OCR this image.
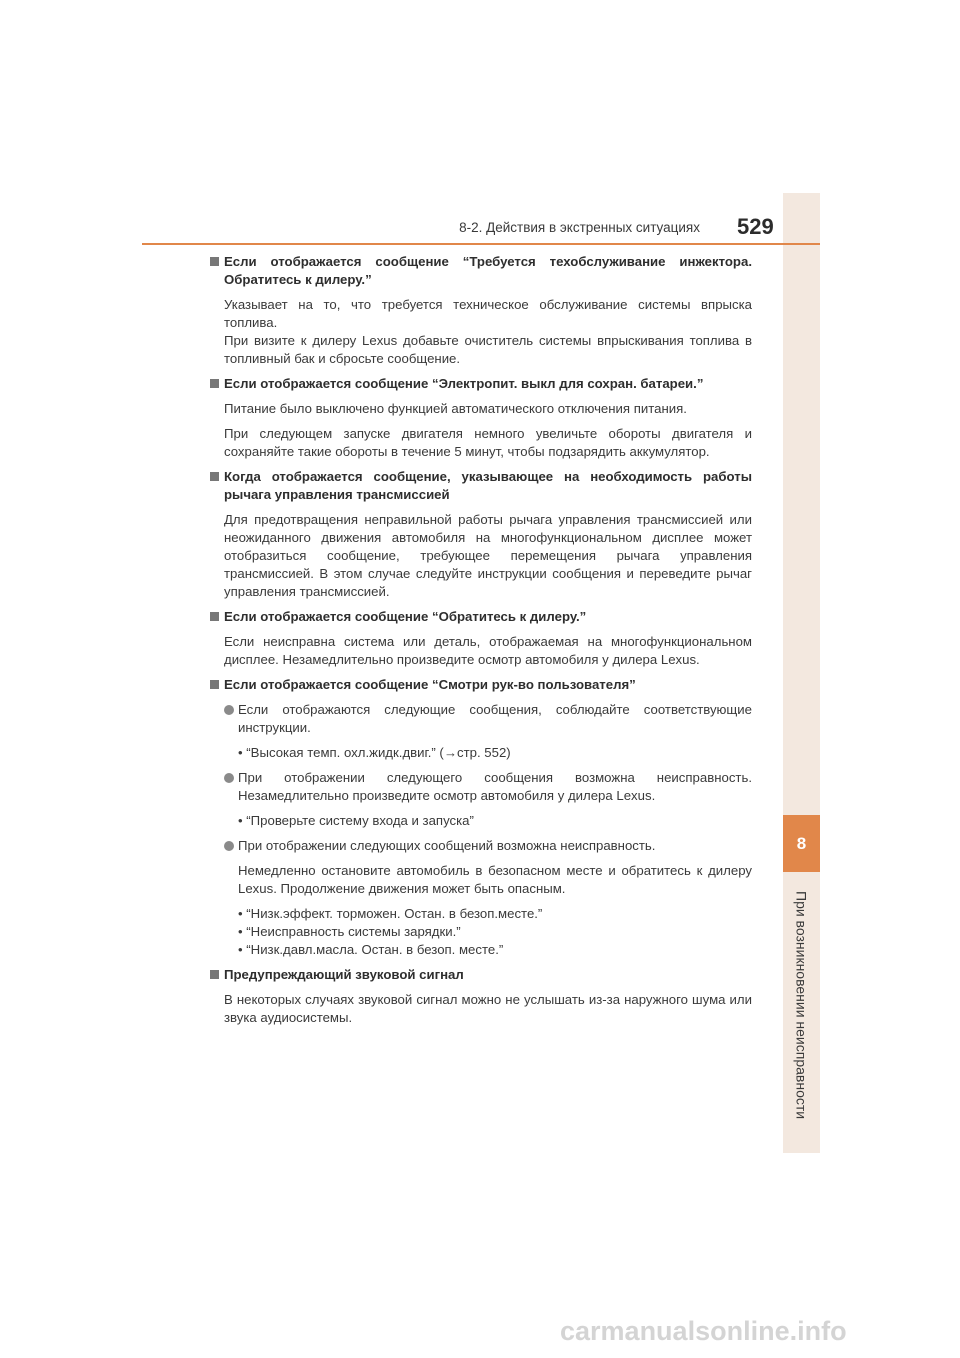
8
При возникновении неисправности
8-2. Действия в экстренных ситуациях 529
Если отображается сообщение “Требуется техобслуживание инжектора. Обратитесь к дилеру.”
Указывает на то, что требуется техническое обслуживание системы впрыска топлива.
При визите к дилеру Lexus добавьте очиститель системы впрыскивания топлива в топливный бак и сбросьте сообщение.
Если отображается сообщение “Электропит. выкл для сохран. батареи.”
Питание было выключено функцией автоматического отключения питания.
При следующем запуске двигателя немного увеличьте обороты двигателя и сохраняйте такие обороты в течение 5 минут, чтобы подзарядить аккумулятор.
Когда отображается сообщение, указывающее на необходимость работы рычага управления трансмиссией
Для предотвращения неправильной работы рычага управления трансмиссией или неожиданного движения автомобиля на многофункциональном дисплее может отобразиться сообщение, требующее перемещения рычага управления трансмиссией. В этом случае следуйте инструкции сообщения и переведите рычаг управления трансмиссией.
Если отображается сообщение “Обратитесь к дилеру.”
Если неисправна система или деталь, отображаемая на многофункциональном дисплее. Незамедлительно произведите осмотр автомобиля у дилера Lexus.
Если отображается сообщение “Смотри рук-во пользователя”
Если отображаются следующие сообщения, соблюдайте соответствующие инструкции.
• “Высокая темп. охл.жидк.двиг.” (→стр. 552)
При отображении следующего сообщения возможна неисправность. Незамедлительно произведите осмотр автомобиля у дилера Lexus.
• “Проверьте систему входа и запуска”
При отображении следующих сообщений возможна неисправность.
Немедленно остановите автомобиль в безопасном месте и обратитесь к дилеру Lexus. Продолжение движения может быть опасным.
• “Низк.эффект. торможен. Остан. в безоп.месте.”
• “Неисправность системы зарядки.”
• “Низк.давл.масла. Остан. в безоп. месте.”
Предупреждающий звуковой сигнал
В некоторых случаях звуковой сигнал можно не услышать из-за наружного шума или звука аудиосистемы.
carmanualsonline.info
